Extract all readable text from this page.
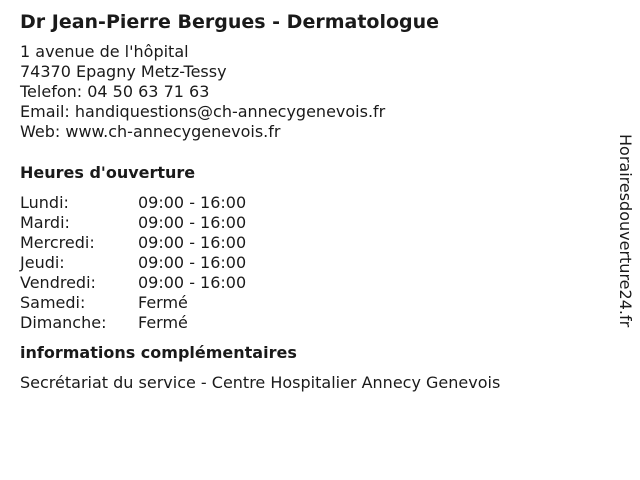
Dr Jean-Pierre Bergues - Dermatologue
1 avenue de l'hôpital
74370 Epagny Metz-Tessy
Telefon: 04 50 63 71 63
Email: handiquestions@ch-annecygenevois.fr
Web: www.ch-annecygenevois.fr
Heures d'ouverture
Lundi:	09:00 - 16:00
Mardi:	09:00 - 16:00
Mercredi:	09:00 - 16:00
Jeudi:	09:00 - 16:00
Vendredi:	09:00 - 16:00
Samedi:	Fermé
Dimanche:	Fermé
informations complémentaires
Secrétariat du service - Centre Hospitalier Annecy Genevois
Horairesdouverture24.fr
